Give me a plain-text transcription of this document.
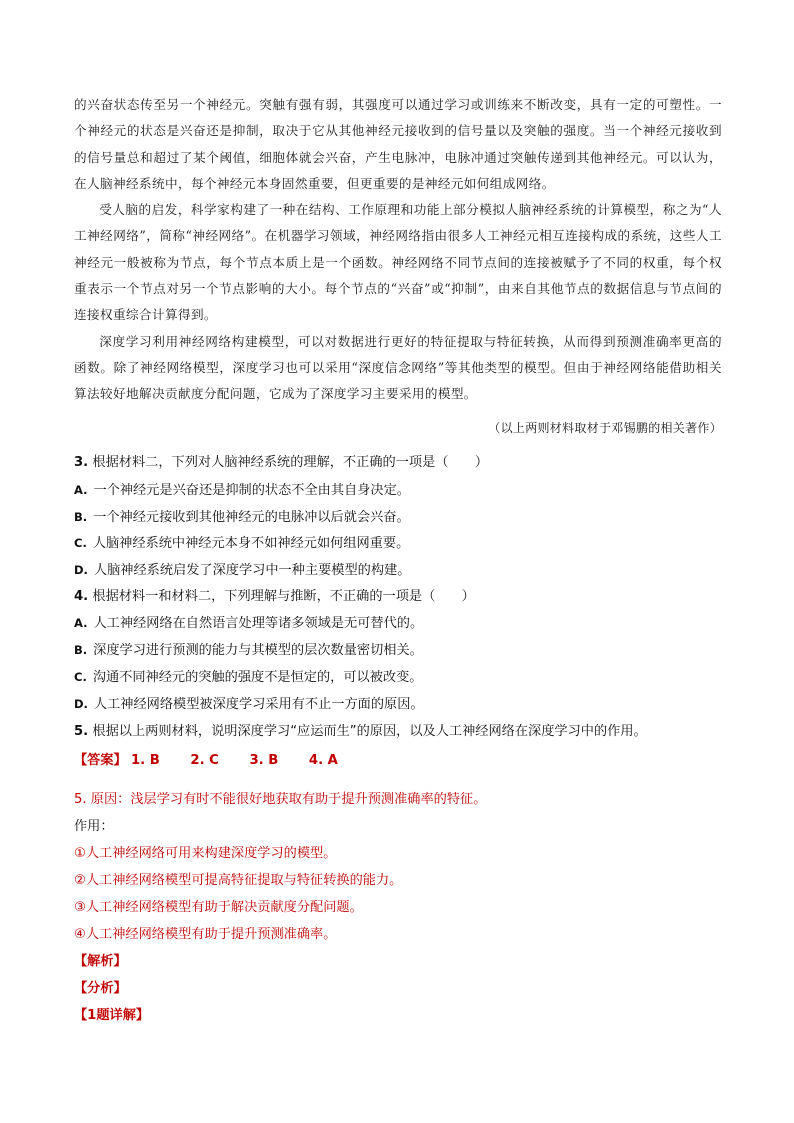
的兴奋状态传至另一个神经元。突触有强有弱，其强度可以通过学习或训练来不断改变，具有一定的可塑性。一个神经元的状态是兴奋还是抑制，取决于它从其他神经元接收到的信号量以及突触的强度。当一个神经元接收到的信号量总和超过了某个阈值，细胞体就会兴奋，产生电脉冲，电脉冲通过突触传递到其他神经元。可以认为，在人脑神经系统中，每个神经元本身固然重要，但更重要的是神经元如何组成网络。

受人脑的启发，科学家构建了一种在结构、工作原理和功能上部分模拟人脑神经系统的计算模型，称之为“人工神经网络”，简称“神经网络”。在机器学习领域，神经网络指由很多人工神经元相互连接构成的系统，这些人工神经元一般被称为节点，每个节点本质上是一个函数。神经网络不同节点间的连接被赋予了不同的权重，每个权重表示一个节点对另一个节点影响的大小。每个节点的“兴奋”或“抑制”，由来自其他节点的数据信息与节点间的连接权重综合计算得到。

深度学习利用神经网络构建模型，可以对数据进行更好的特征提取与特征转换，从而得到预测准确率更高的函数。除了神经网络模型，深度学习也可以采用“深度信念网络”等其他类型的模型。但由于神经网络能借助相关算法较好地解决贡献度分配问题，它成为了深度学习主要采用的模型。

（以上两则材料取材于邓锡鹏的相关著作）
3. 根据材料二，下列对人脑神经系统的理解，不正确的一项是（　　）
A. 一个神经元是兴奋还是抑制的状态不全由其自身决定。
B. 一个神经元接收到其他神经元的电脉冲以后就会兴奋。
C. 人脑神经系统中神经元本身不如神经元如何组网重要。
D. 人脑神经系统启发了深度学习中一种主要模型的构建。
4. 根据材料一和材料二，下列理解与推断，不正确的一项是（　　）
A. 人工神经网络在自然语言处理等诸多领域是无可替代的。
B. 深度学习进行预测的能力与其模型的层次数量密切相关。
C. 沟通不同神经元的突触的强度不是恒定的，可以被改变。
D. 人工神经网络模型被深度学习采用有不止一方面的原因。
5. 根据以上两则材料，说明深度学习“应运而生”的原因，以及人工神经网络在深度学习中的作用。
【答案】 1. B 2. C 3. B 4. A
5. 原因：浅层学习有时不能很好地获取有助于提升预测准确率的特征。
作用：
①人工神经网络可用来构建深度学习的模型。
②人工神经网络模型可提高特征提取与特征转换的能力。
③人工神经网络模型有助于解决贡献度分配问题。
④人工神经网络模型有助于提升预测准确率。
【解析】
【分析】
【1题详解】
